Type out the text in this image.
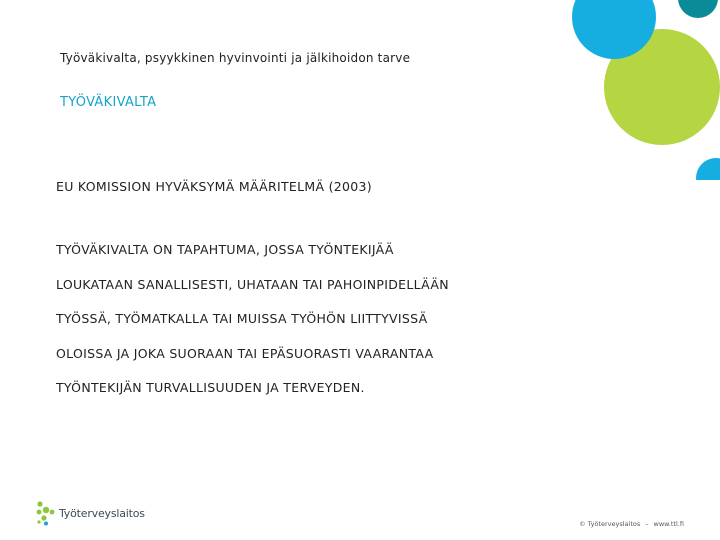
Työväkivalta, psyykkinen hyvinvointi ja jälkihoidon tarve
TYÖVÄKIVALTA
EU KOMISSION HYVÄKSYMÄ MÄÄRITELMÄ (2003)
TYÖVÄKIVALTA ON TAPAHTUMA, JOSSA TYÖNTEKIJÄÄ
LOUKATAAN SANALLISESTI, UHATAAN TAI PAHOINPIDELLÄÄN
TYÖSSÄ, TYÖMATKALLA TAI MUISSA TYÖHÖN LIITTYVISSÄ
OLOISSA JA JOKA SUORAAN TAI EPÄSUORASTI VAARANTAA
TYÖNTEKIJÄN TURVALLISUUDEN JA TERVEYDEN.
Työterveyslaitos
© Työterveyslaitos – www.ttl.fi
